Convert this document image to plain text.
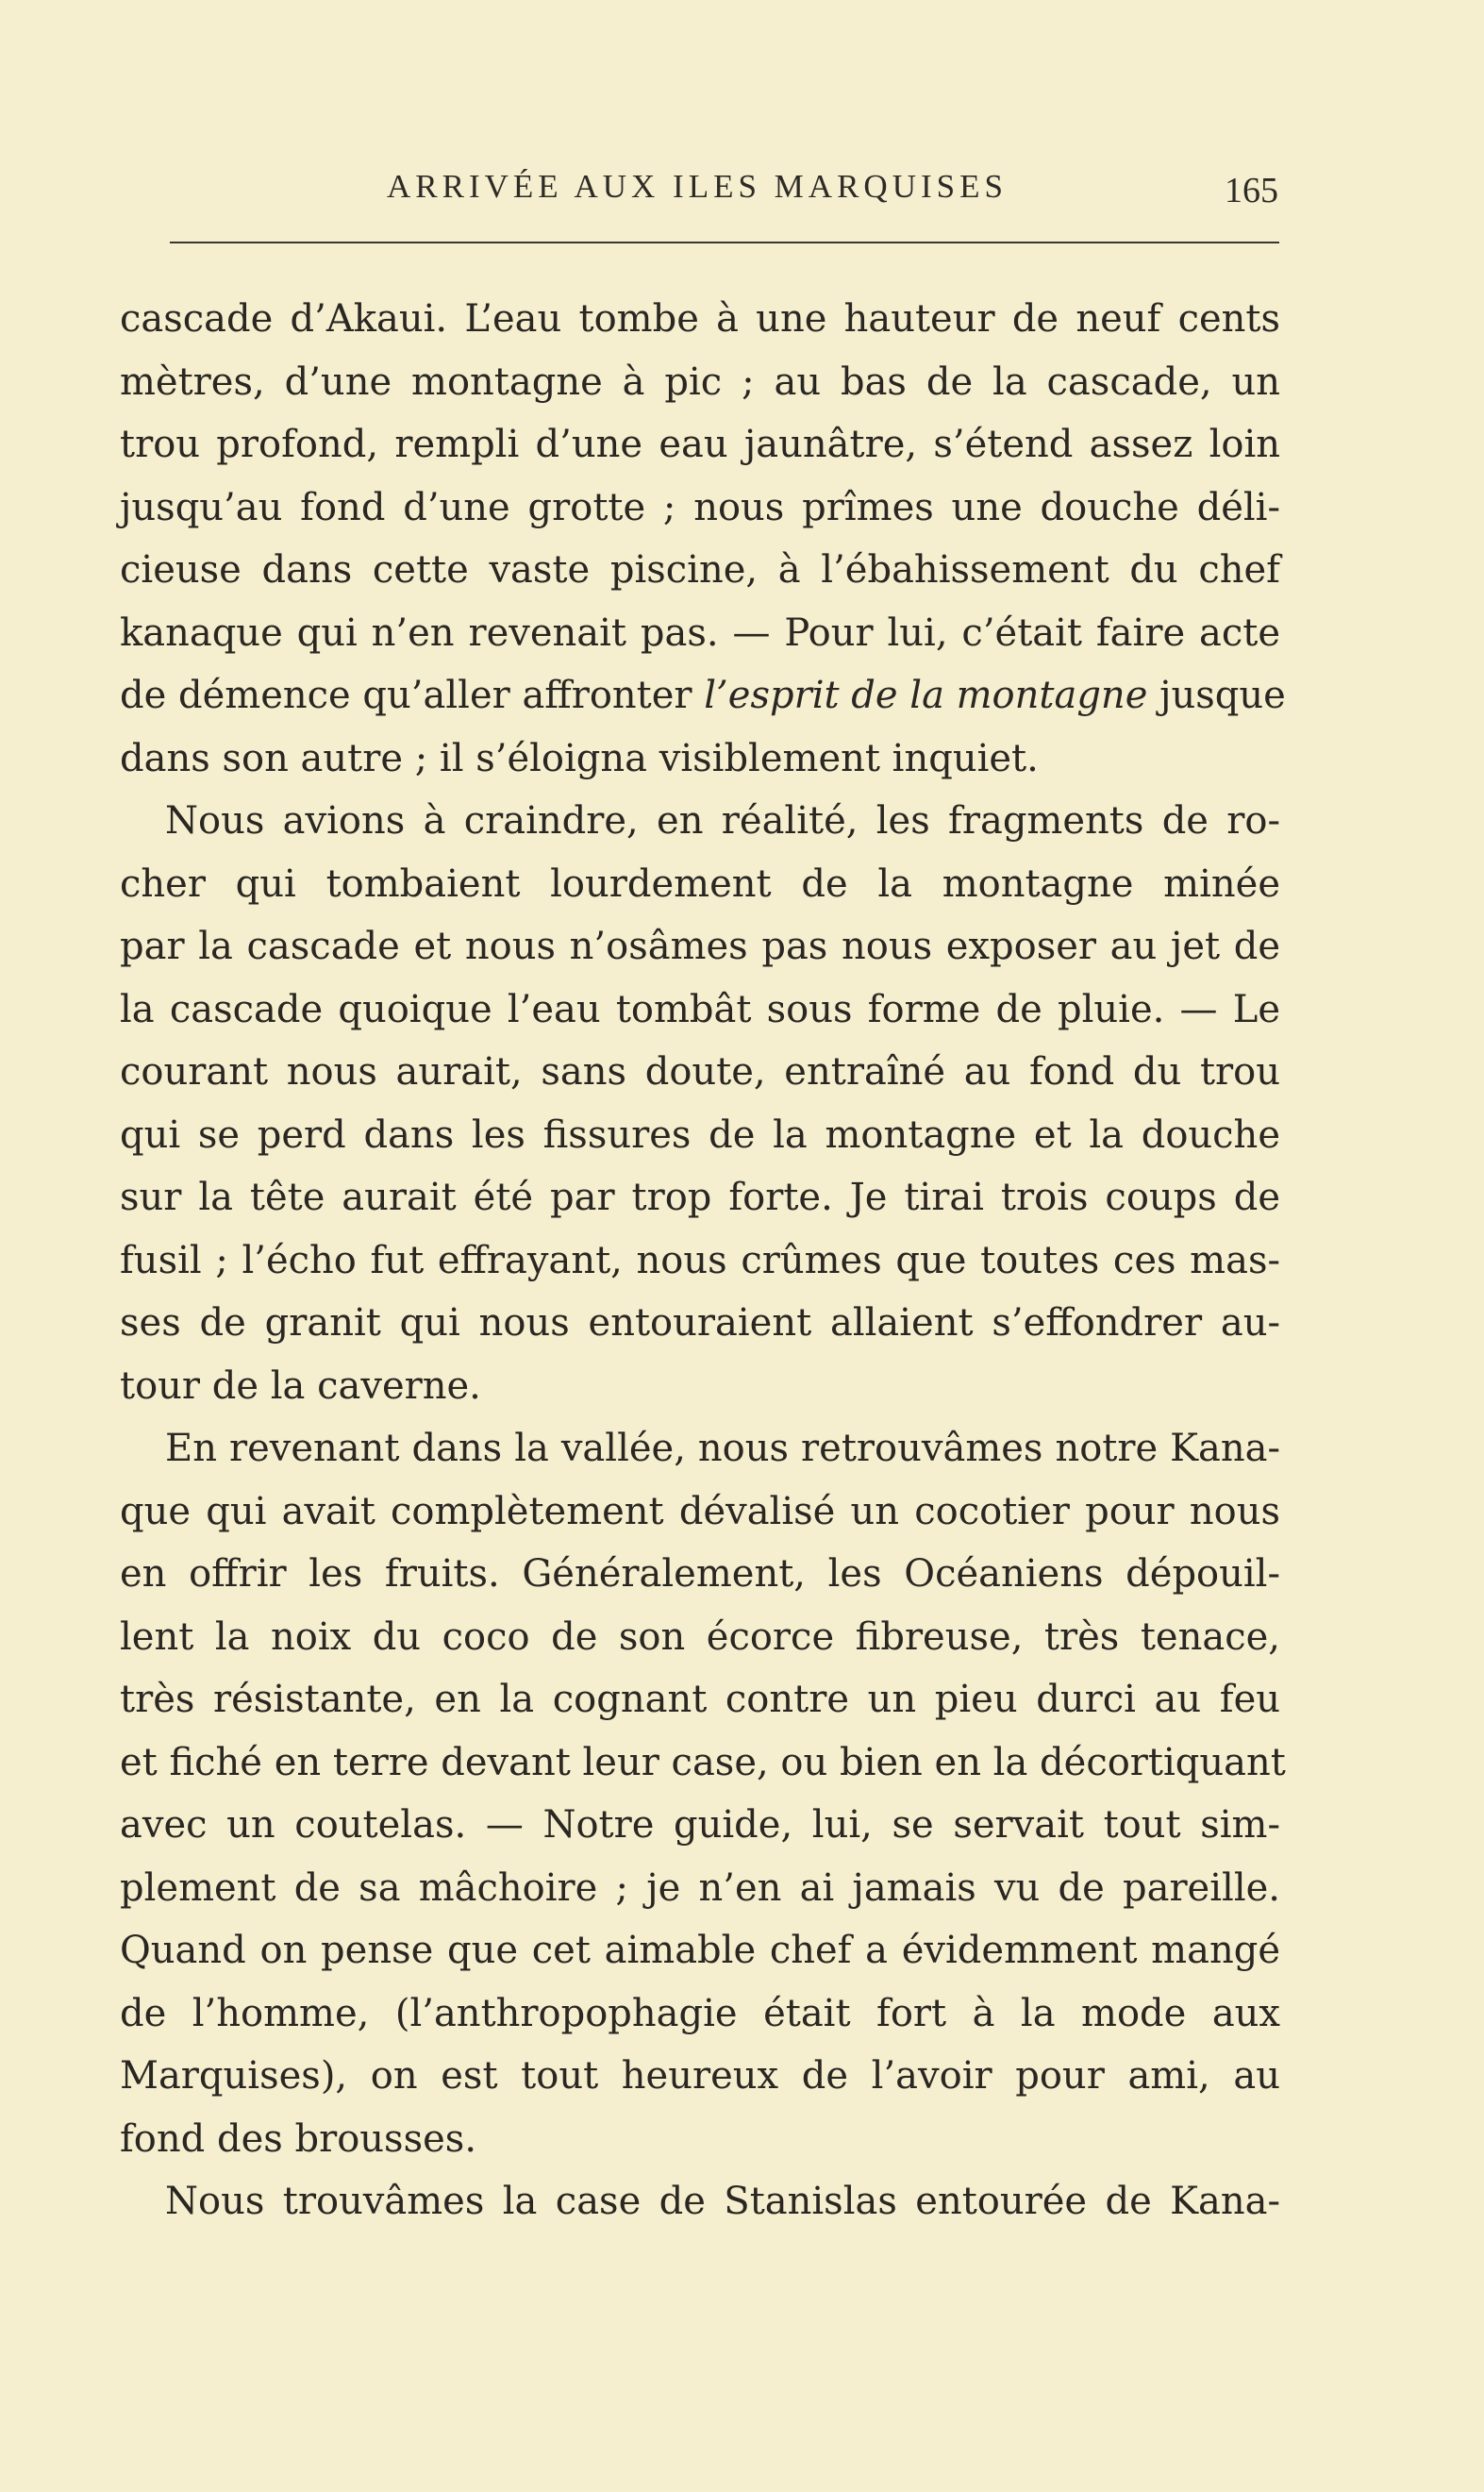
ARRIVÉE AUX ILES MARQUISES	165
cascade d’Akaui. L’eau tombe à une hauteur de neuf cents
mètres, d’une montagne à pic ; au bas de la cascade, un
trou profond, rempli d’une eau jaunâtre, s’étend assez loin
jusqu’au fond d’une grotte ; nous prîmes une douche déli-
cieuse dans cette vaste piscine, à l’ébahissement du chef
kanaque qui n’en revenait pas. — Pour lui, c’était faire acte
de démence qu’aller affronter l’esprit de la montagne jusque
dans son autre ; il s’éloigna visiblement inquiet.
Nous avions à craindre, en réalité, les fragments de ro-
cher qui tombaient lourdement de la montagne minée
par la cascade et nous n’osâmes pas nous exposer au jet de
la cascade quoique l’eau tombât sous forme de pluie. — Le
courant nous aurait, sans doute, entraîné au fond du trou
qui se perd dans les fissures de la montagne et la douche
sur la tête aurait été par trop forte. Je tirai trois coups de
fusil ; l’écho fut effrayant, nous crûmes que toutes ces mas-
ses de granit qui nous entouraient allaient s’effondrer au-
tour de la caverne.
En revenant dans la vallée, nous retrouvâmes notre Kana-
que qui avait complètement dévalisé un cocotier pour nous
en offrir les fruits. Généralement, les Océaniens dépouil-
lent la noix du coco de son écorce fibreuse, très tenace,
très résistante, en la cognant contre un pieu durci au feu
et fiché en terre devant leur case, ou bien en la décortiquant
avec un coutelas. — Notre guide, lui, se servait tout sim-
plement de sa mâchoire ; je n’en ai jamais vu de pareille.
Quand on pense que cet aimable chef a évidemment mangé
de l’homme, (l’anthropophagie était fort à la mode aux
Marquises), on est tout heureux de l’avoir pour ami, au
fond des brousses.
Nous trouvâmes la case de Stanislas entourée de Kana-
